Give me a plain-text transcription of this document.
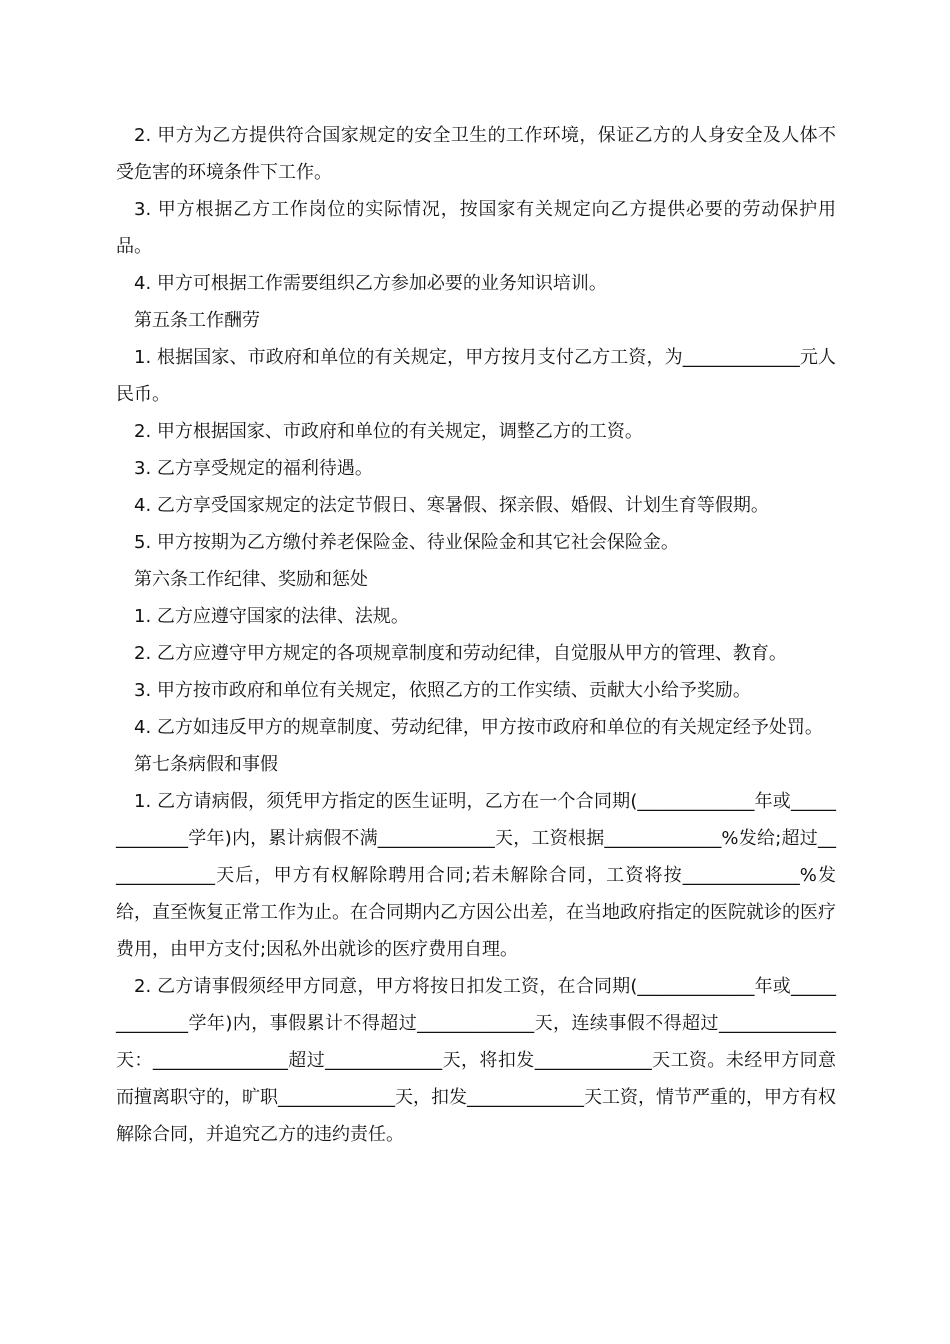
2. 甲方为乙方提供符合国家规定的安全卫生的工作环境，保证乙方的人身安全及人体不受危害的环境条件下工作。

3. 甲方根据乙方工作岗位的实际情况，按国家有关规定向乙方提供必要的劳动保护用品。

4. 甲方可根据工作需要组织乙方参加必要的业务知识培训。

第五条工作酬劳

1. 根据国家、市政府和单位的有关规定，甲方按月支付乙方工资，为_____________元人民币。

2. 甲方根据国家、市政府和单位的有关规定，调整乙方的工资。

3. 乙方享受规定的福利待遇。

4. 乙方享受国家规定的法定节假日、寒暑假、探亲假、婚假、计划生育等假期。

5. 甲方按期为乙方缴付养老保险金、待业保险金和其它社会保险金。

第六条工作纪律、奖励和惩处

1. 乙方应遵守国家的法律、法规。

2. 乙方应遵守甲方规定的各项规章制度和劳动纪律，自觉服从甲方的管理、教育。

3. 甲方按市政府和单位有关规定，依照乙方的工作实绩、贡献大小给予奖励。

4. 乙方如违反甲方的规章制度、劳动纪律，甲方按市政府和单位的有关规定经予处罚。

第七条病假和事假

1. 乙方请病假，须凭甲方指定的医生证明，乙方在一个合同期(_____________年或_____________学年)内，累计病假不满_____________天，工资根据_____________%发给;超过_____________天后，甲方有权解除聘用合同;若未解除合同，工资将按_____________%发给，直至恢复正常工作为止。在合同期内乙方因公出差，在当地政府指定的医院就诊的医疗费用，由甲方支付;因私外出就诊的医疗费用自理。

2. 乙方请事假须经甲方同意，甲方将按日扣发工资，在合同期(_____________年或_____________学年)内，事假累计不得超过_____________天，连续事假不得超过_____________天：_______________超过_____________天，将扣发_____________天工资。未经甲方同意而擅离职守的，旷职_____________天，扣发_____________天工资，情节严重的，甲方有权解除合同，并追究乙方的违约责任。
